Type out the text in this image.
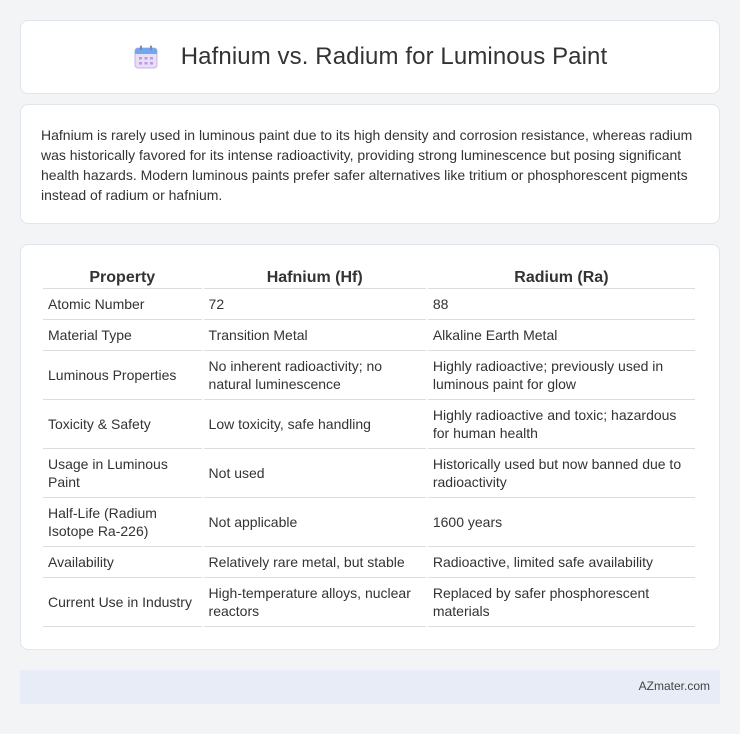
Hafnium vs. Radium for Luminous Paint

Hafnium is rarely used in luminous paint due to its high density and corrosion resistance, whereas radium was historically favored for its intense radioactivity, providing strong luminescence but posing significant health hazards. Modern luminous paints prefer safer alternatives like tritium or phosphorescent pigments instead of radium or hafnium.

Property	Hafnium (Hf)	Radium (Ra)
Atomic Number	72	88
Material Type	Transition Metal	Alkaline Earth Metal
Luminous Properties	No inherent radioactivity; no natural luminescence	Highly radioactive; previously used in luminous paint for glow
Toxicity & Safety	Low toxicity, safe handling	Highly radioactive and toxic; hazardous for human health
Usage in Luminous Paint	Not used	Historically used but now banned due to radioactivity
Half-Life (Radium Isotope Ra-226)	Not applicable	1600 years
Availability	Relatively rare metal, but stable	Radioactive, limited safe availability
Current Use in Industry	High-temperature alloys, nuclear reactors	Replaced by safer phosphorescent materials
AZmater.com
